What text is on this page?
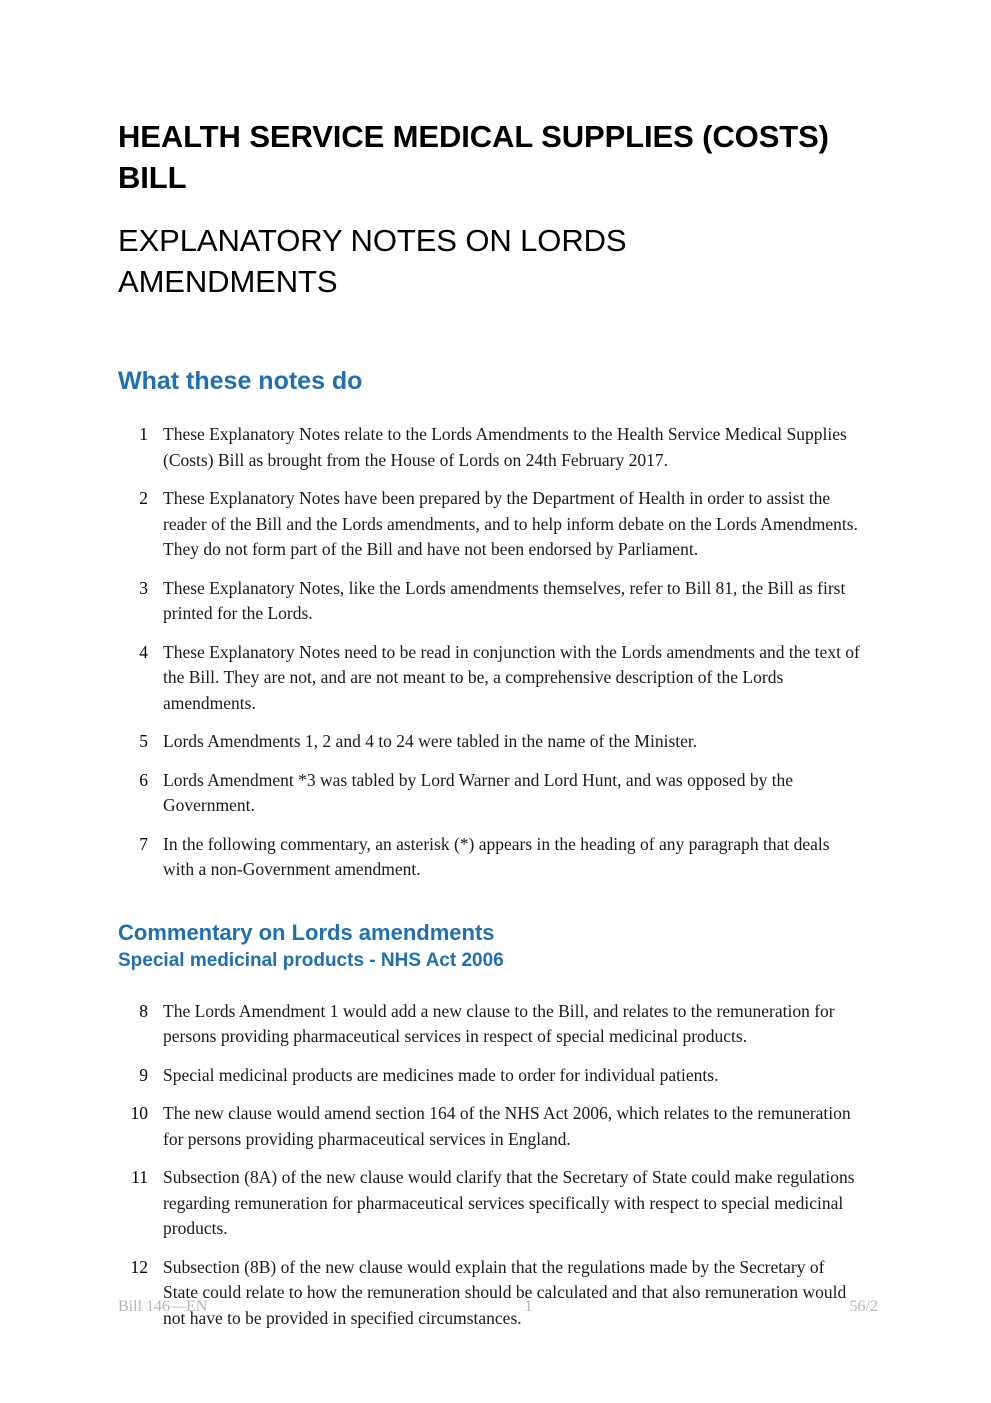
HEALTH SERVICE MEDICAL SUPPLIES (COSTS) BILL
EXPLANATORY NOTES ON LORDS AMENDMENTS
What these notes do
1 These Explanatory Notes relate to the Lords Amendments to the Health Service Medical Supplies (Costs) Bill as brought from the House of Lords on 24th February 2017.
2 These Explanatory Notes have been prepared by the Department of Health in order to assist the reader of the Bill and the Lords amendments, and to help inform debate on the Lords Amendments. They do not form part of the Bill and have not been endorsed by Parliament.
3 These Explanatory Notes, like the Lords amendments themselves, refer to Bill 81, the Bill as first printed for the Lords.
4 These Explanatory Notes need to be read in conjunction with the Lords amendments and the text of the Bill. They are not, and are not meant to be, a comprehensive description of the Lords amendments.
5 Lords Amendments 1, 2 and 4 to 24 were tabled in the name of the Minister.
6 Lords Amendment *3 was tabled by Lord Warner and Lord Hunt, and was opposed by the Government.
7 In the following commentary, an asterisk (*) appears in the heading of any paragraph that deals with a non-Government amendment.
Commentary on Lords amendments
Special medicinal products - NHS Act 2006
8 The Lords Amendment 1 would add a new clause to the Bill, and relates to the remuneration for persons providing pharmaceutical services in respect of special medicinal products.
9 Special medicinal products are medicines made to order for individual patients.
10 The new clause would amend section 164 of the NHS Act 2006, which relates to the remuneration for persons providing pharmaceutical services in England.
11 Subsection (8A) of the new clause would clarify that the Secretary of State could make regulations regarding remuneration for pharmaceutical services specifically with respect to special medicinal products.
12 Subsection (8B) of the new clause would explain that the regulations made by the Secretary of State could relate to how the remuneration should be calculated and that also remuneration would not have to be provided in specified circumstances.
Bill 146—EN	1	56/2
